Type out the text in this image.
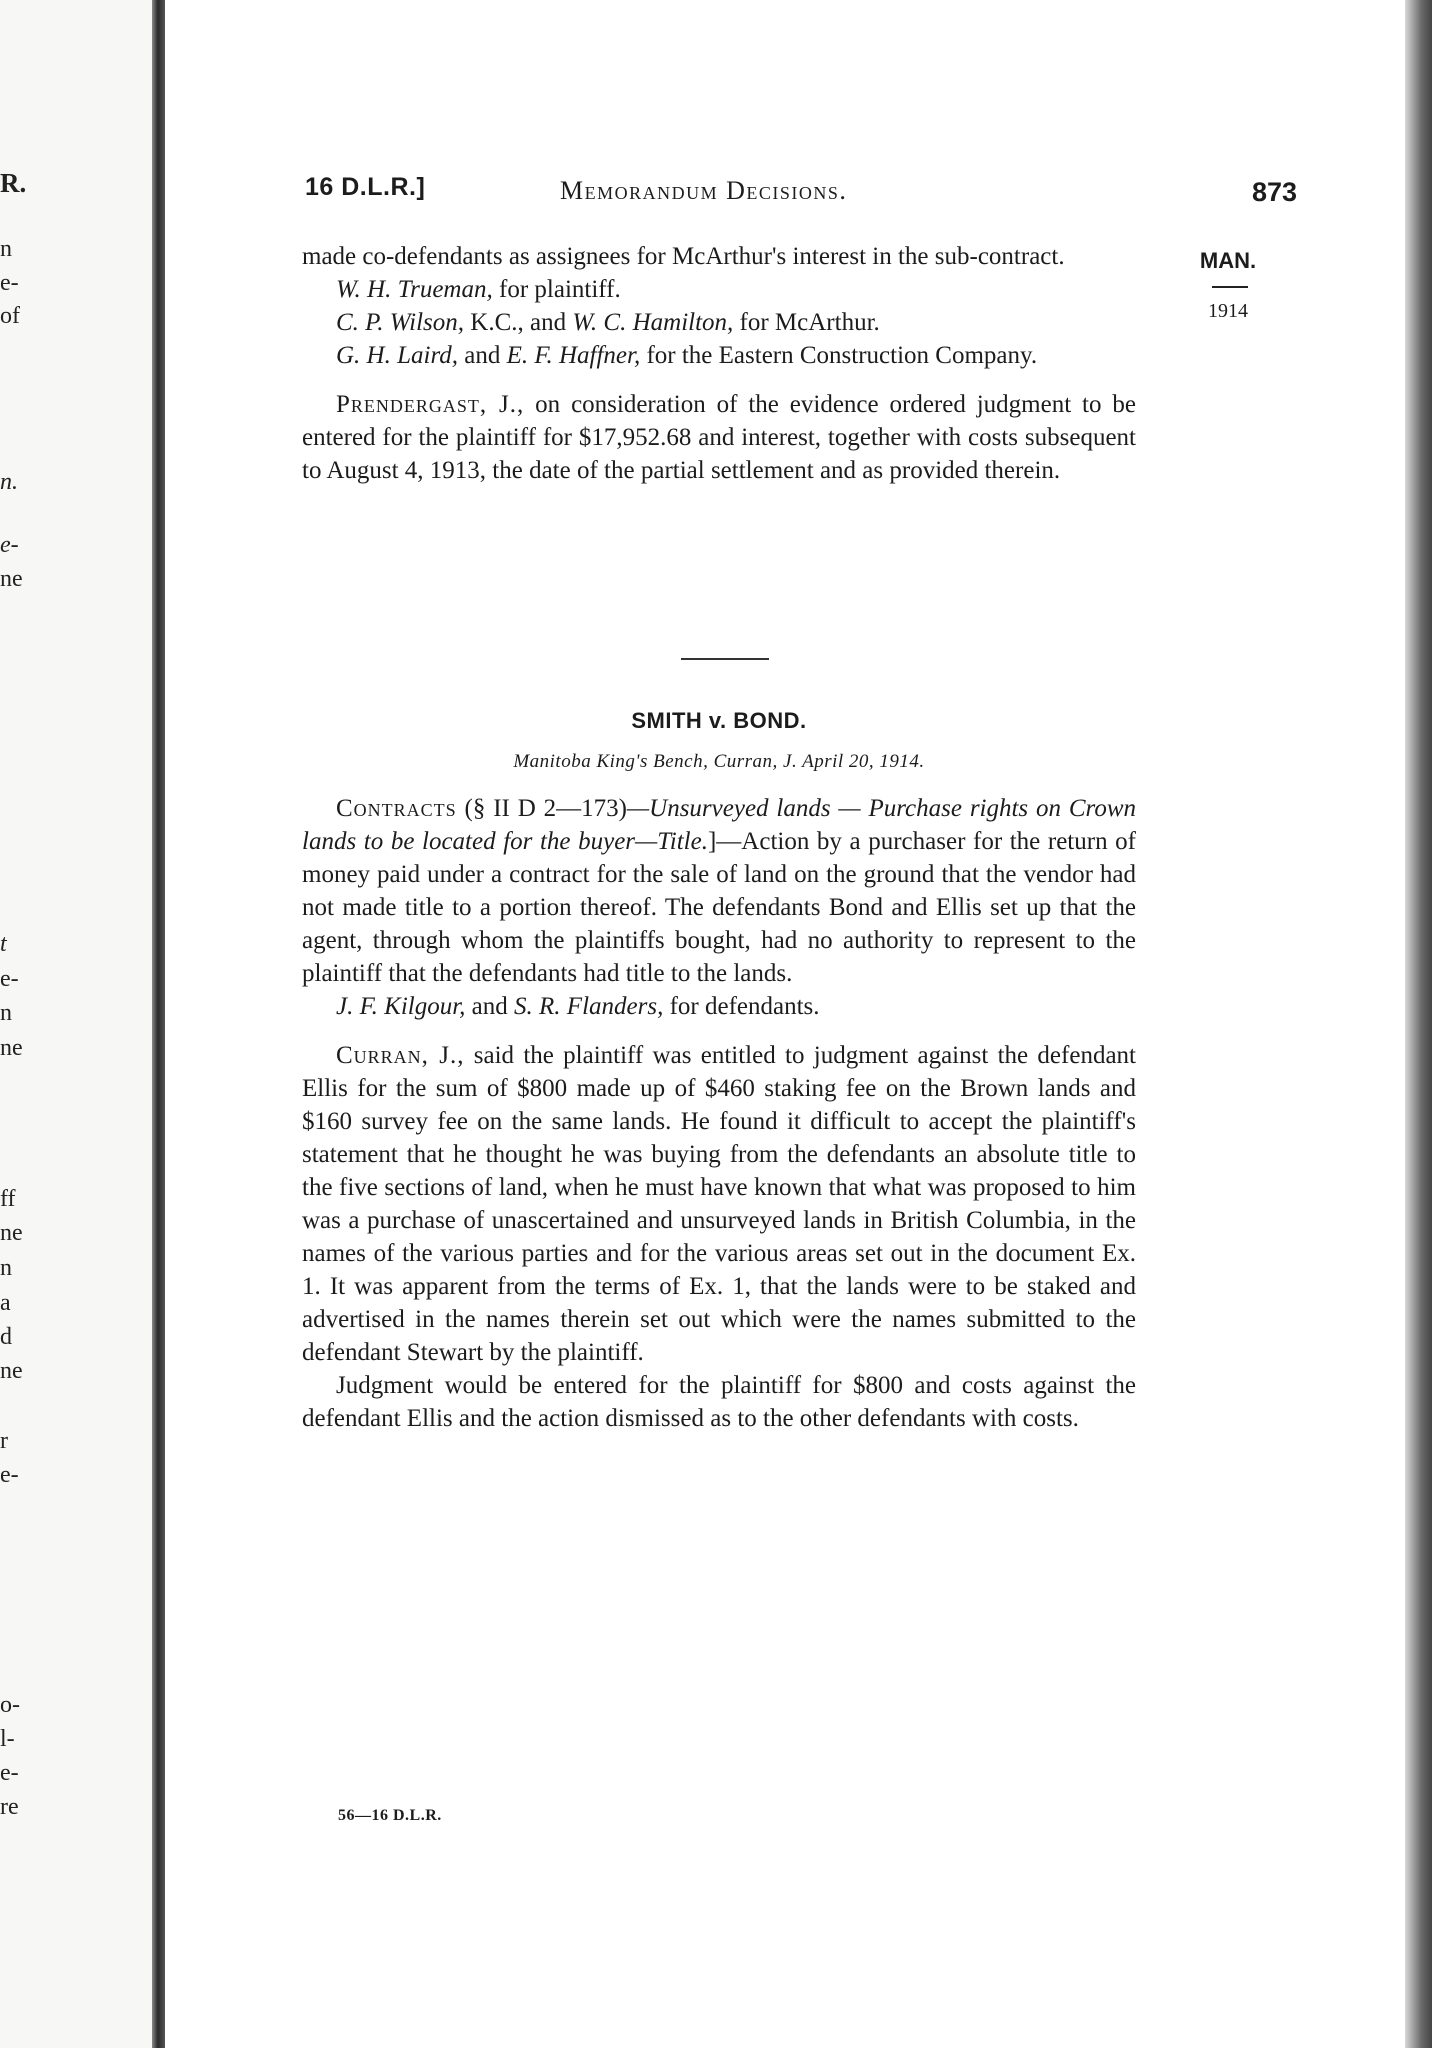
R.
n
e-
of
n.
e-
ne
t
e-
n
ne
ff
ne
n
a
d
ne
r
e-
o-
l-
e-
re
16 D.L.R.]	Memorandum Decisions.	873
MAN.
1914

made co-defendants as assignees for McArthur's interest in the sub-contract.

W. H. Trueman, for plaintiff.

C. P. Wilson, K.C., and W. C. Hamilton, for McArthur.

G. H. Laird, and E. F. Haffner, for the Eastern Construction Company.

Prendergast, J., on consideration of the evidence ordered judgment to be entered for the plaintiff for $17,952.68 and interest, together with costs subsequent to August 4, 1913, the date of the partial settlement and as provided therein.

SMITH v. BOND.
Manitoba King's Bench, Curran, J. April 20, 1914.

Contracts (§ II D 2—173)—Unsurveyed lands — Purchase rights on Crown lands to be located for the buyer—Title.]—Action by a purchaser for the return of money paid under a contract for the sale of land on the ground that the vendor had not made title to a portion thereof. The defendants Bond and Ellis set up that the agent, through whom the plaintiffs bought, had no authority to represent to the plaintiff that the defendants had title to the lands.

J. F. Kilgour, and S. R. Flanders, for defendants.

Curran, J., said the plaintiff was entitled to judgment against the defendant Ellis for the sum of $800 made up of $460 staking fee on the Brown lands and $160 survey fee on the same lands. He found it difficult to accept the plaintiff's statement that he thought he was buying from the defendants an absolute title to the five sections of land, when he must have known that what was proposed to him was a purchase of unascertained and unsurveyed lands in British Columbia, in the names of the various parties and for the various areas set out in the document Ex. 1. It was apparent from the terms of Ex. 1, that the lands were to be staked and advertised in the names therein set out which were the names submitted to the defendant Stewart by the plaintiff.

Judgment would be entered for the plaintiff for $800 and costs against the defendant Ellis and the action dismissed as to the other defendants with costs.

56—16 D.L.R.
